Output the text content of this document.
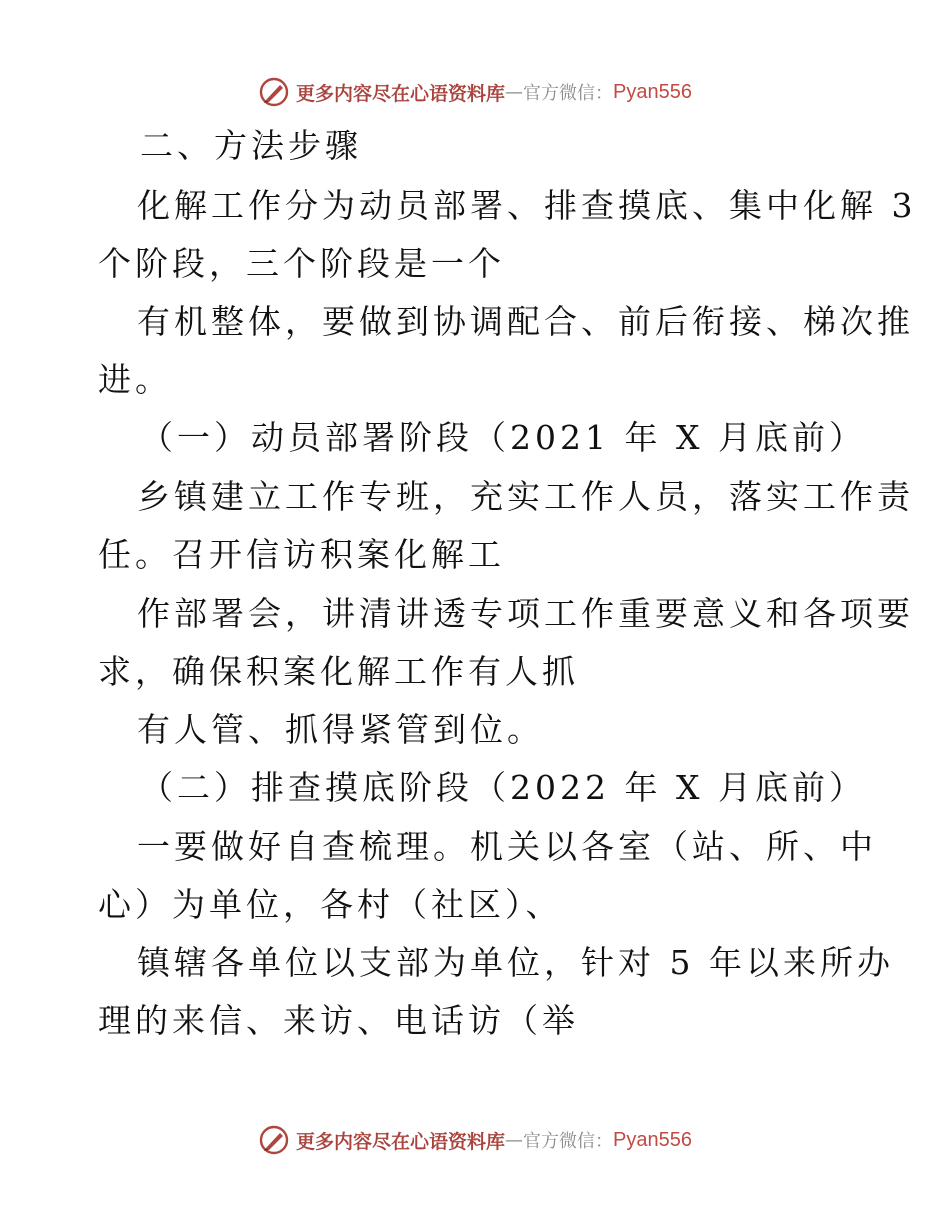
更多内容尽在心语资料库 — 官方微信： Pyan556
二、方法步骤
化解工作分为动员部署、排查摸底、集中化解 3
个阶段，三个阶段是一个
有机整体，要做到协调配合、前后衔接、梯次推
进。
（一）动员部署阶段（2021 年 X 月底前）
乡镇建立工作专班，充实工作人员，落实工作责
任。召开信访积案化解工
作部署会，讲清讲透专项工作重要意义和各项要
求，确保积案化解工作有人抓
有人管、抓得紧管到位。
（二）排查摸底阶段（2022 年 X 月底前）
一要做好自查梳理。机关以各室（站、所、中
心）为单位，各村（社区）、
镇辖各单位以支部为单位，针对 5 年以来所办
理的来信、来访、电话访（举
更多内容尽在心语资料库 — 官方微信： Pyan556
